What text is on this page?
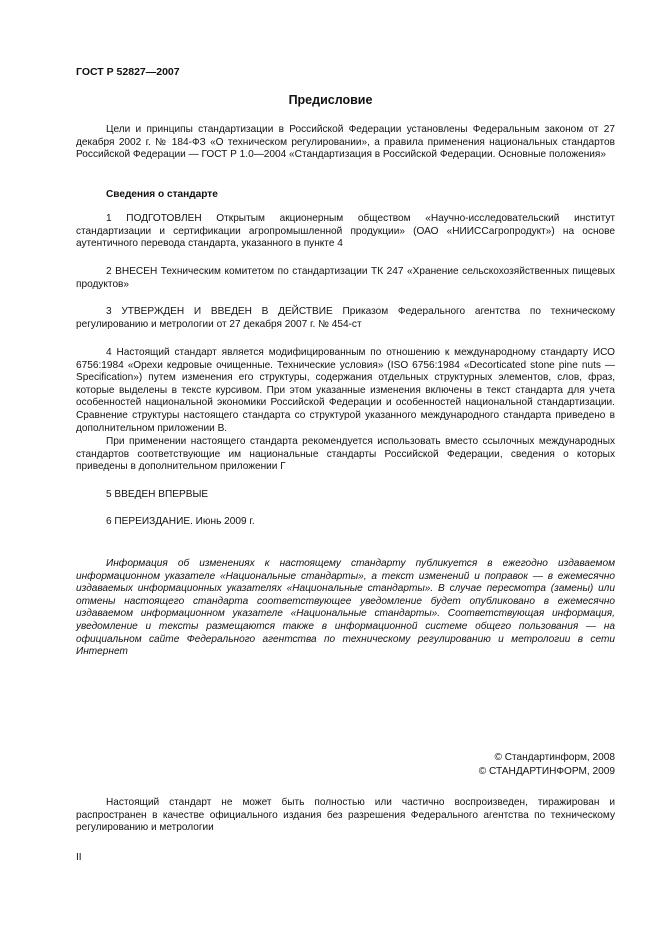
ГОСТ Р 52827—2007
Предисловие
Цели и принципы стандартизации в Российской Федерации установлены Федеральным законом от 27 декабря 2002 г. № 184-ФЗ «О техническом регулировании», а правила применения национальных стандартов Российской Федерации — ГОСТ Р 1.0—2004 «Стандартизация в Российской Федерации. Основные положения»
Сведения о стандарте
1 ПОДГОТОВЛЕН Открытым акционерным обществом «Научно-исследовательский институт стандартизации и сертификации агропромышленной продукции» (ОАО «НИИССагропродукт») на основе аутентичного перевода стандарта, указанного в пункте 4
2 ВНЕСЕН Техническим комитетом по стандартизации ТК 247 «Хранение сельскохозяйственных пищевых продуктов»
3 УТВЕРЖДЕН И ВВЕДЕН В ДЕЙСТВИЕ Приказом Федерального агентства по техническому регулированию и метрологии от 27 декабря 2007 г. № 454-ст
4 Настоящий стандарт является модифицированным по отношению к международному стандарту ИСО 6756:1984 «Орехи кедровые очищенные. Технические условия» (ISO 6756:1984 «Decorticated stone pine nuts — Specification») путем изменения его структуры, содержания отдельных структурных элементов, слов, фраз, которые выделены в тексте курсивом. При этом указанные изменения включены в текст стандарта для учета особенностей национальной экономики Российской Федерации и особенностей национальной стандартизации. Сравнение структуры настоящего стандарта со структурой указанного международного стандарта приведено в дополнительном приложении В.
При применении настоящего стандарта рекомендуется использовать вместо ссылочных международных стандартов соответствующие им национальные стандарты Российской Федерации, сведения о которых приведены в дополнительном приложении Г
5 ВВЕДЕН ВПЕРВЫЕ
6 ПЕРЕИЗДАНИЕ. Июнь 2009 г.
Информация об изменениях к настоящему стандарту публикуется в ежегодно издаваемом информационном указателе «Национальные стандарты», а текст изменений и поправок — в ежемесячно издаваемых информационных указателях «Национальные стандарты». В случае пересмотра (замены) или отмены настоящего стандарта соответствующее уведомление будет опубликовано в ежемесячно издаваемом информационном указателе «Национальные стандарты». Соответствующая информация, уведомление и тексты размещаются также в информационной системе общего пользования — на официальном сайте Федерального агентства по техническому регулированию и метрологии в сети Интернет
© Стандартинформ, 2008
© СТАНДАРТИНФОРМ, 2009
Настоящий стандарт не может быть полностью или частично воспроизведен, тиражирован и распространен в качестве официального издания без разрешения Федерального агентства по техническому регулированию и метрологии
II
